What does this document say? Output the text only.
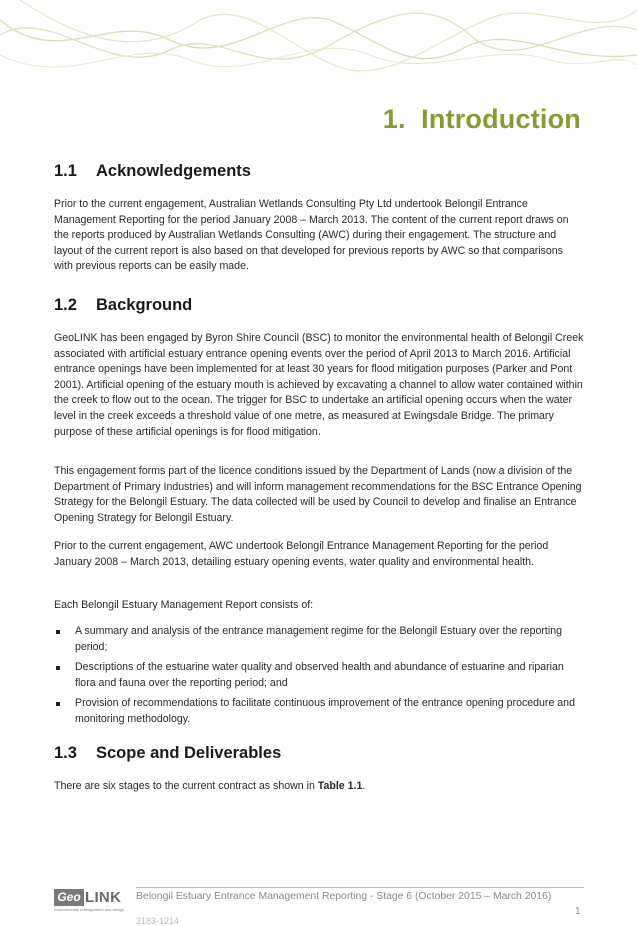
1. Introduction
1.1 Acknowledgements

Prior to the current engagement, Australian Wetlands Consulting Pty Ltd undertook Belongil Entrance Management Reporting for the period January 2008 – March 2013. The content of the current report draws on the reports produced by Australian Wetlands Consulting (AWC) during their engagement. The structure and layout of the current report is also based on that developed for previous reports by AWC so that comparisons with previous reports can be easily made.

1.2 Background

GeoLINK has been engaged by Byron Shire Council (BSC) to monitor the environmental health of Belongil Creek associated with artificial estuary entrance opening events over the period of April 2013 to March 2016. Artificial entrance openings have been implemented for at least 30 years for flood mitigation purposes (Parker and Pont 2001). Artificial opening of the estuary mouth is achieved by excavating a channel to allow water contained within the creek to flow out to the ocean. The trigger for BSC to undertake an artificial opening occurs when the water level in the creek exceeds a threshold value of one metre, as measured at Ewingsdale Bridge. The primary purpose of these artificial openings is for flood mitigation.

This engagement forms part of the licence conditions issued by the Department of Lands (now a division of the Department of Primary Industries) and will inform management recommendations for the BSC Entrance Opening Strategy for the Belongil Estuary. The data collected will be used by Council to develop and finalise an Entrance Opening Strategy for Belongil Estuary.

Prior to the current engagement, AWC undertook Belongil Entrance Management Reporting for the period January 2008 – March 2013, detailing estuary opening events, water quality and environmental health.

Each Belongil Estuary Management Report consists of:

A summary and analysis of the entrance management regime for the Belongil Estuary over the reporting period;
Descriptions of the estuarine water quality and observed health and abundance of estuarine and riparian flora and fauna over the reporting period; and
Provision of recommendations to facilitate continuous improvement of the entrance opening procedure and monitoring methodology.
1.3 Scope and Deliverables

There are six stages to the current contract as shown in Table 1.1.

Geo LINK
environmental management and design

Belongil Estuary Entrance Management Reporting - Stage 6 (October 2015 – March 2016)

2183-1214
1
